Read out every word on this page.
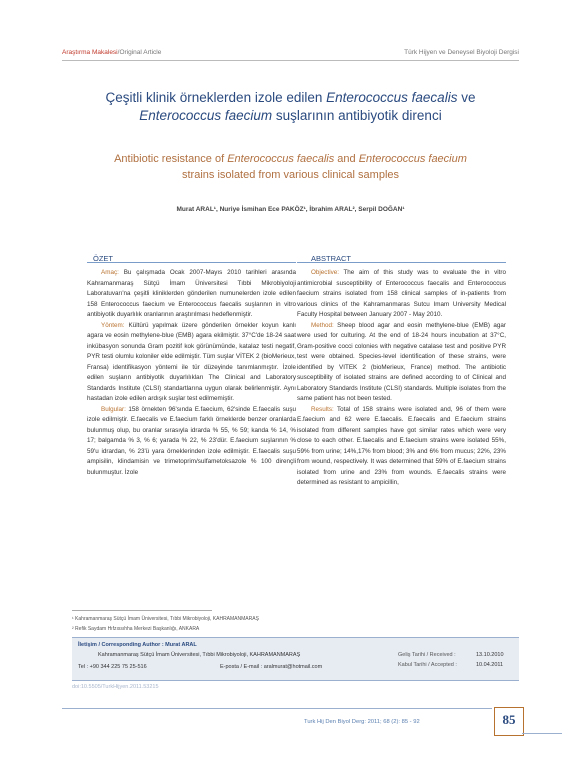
Araştırma Makalesi/Original Article	Türk Hijyen ve Deneysel Biyoloji Dergisi
Çeşitli klinik örneklerden izole edilen Enterococcus faecalis ve
Enterococcus faecium suşlarının antibiyotik direnci
Antibiotic resistance of Enterococcus faecalis and Enterococcus faecium
strains isolated from various clinical samples
Murat ARAL¹, Nuriye İsmihan Ece PAKÖZ¹, İbrahim ARAL², Serpil DOĞAN¹
ÖZET	ABSTRACT

Amaç: Bu çalışmada Ocak 2007-Mayıs 2010 tarihleri arasında Kahramanmaraş Sütçü İmam Üniversitesi Tıbbi Mikrobiyoloji Laboratuvarı'na çeşitli kliniklerden gönderilen numunelerden izole edilen 158 Enterococcus faecium ve Enterococcus faecalis suşlarının in vitro antibiyotik duyarlılık oranlarının araştırılması hedeflenmiştir.

Yöntem: Kültürü yapılmak üzere gönderilen örnekler koyun kanlı agara ve eosin methylene-blue (EMB) agara ekilmiştir. 37°C'de 18-24 saat inkübasyon sonunda Gram pozitif kok görünümünde, katalaz testi negatif, PYR testi olumlu koloniler elde edilmiştir. Tüm suşlar VİTEK 2 (bioMerieux, Fransa) identifikasyon yöntemi ile tür düzeyinde tanımlanmıştır. İzole edilen suşların antibiyotik duyarlılıkları The Clinical and Laboratory Standards Institute (CLSI) standartlarına uygun olarak belirlenmiştir. Aynı hastadan izole edilen ardışık suşlar test edilmemiştir.

Bulgular: 158 örnekten 96'sında E.faecium, 62'sinde E.faecalis suşu izole edilmiştir. E.faecalis ve E.faecium farklı örneklerde benzer oranlarda bulunmuş olup, bu oranlar sırasıyla idrarda % 55, % 59; kanda % 14, % 17; balgamda % 3, % 6; yarada % 22, % 23'dür. E.faecium suşlarının % 59'u idrardan, % 23'ü yara örneklerinden izole edilmiştir. E.faecalis suşu ampisilin, klindamisin ve trimetoprim/sulfametoksazole % 100 dirençli bulunmuştur. İzole

Objective: The aim of this study was to evaluate the in vitro antimicrobial susceptibility of Enterococcus faecalis and Enterococcus faecium strains isolated from 158 clinical samples of in-patients from various clinics of the Kahramanmaras Sutcu Imam University Medical Faculty Hospital between January 2007 - May 2010.

Method: Sheep blood agar and eosin methylene-blue (EMB) agar were used for culturing. At the end of 18-24 hours incubation at 37°C, Gram-positive cocci colonies with negative catalase test and positive PYR test were obtained. Species-level identification of these strains, were identified by VITEK 2 (bioMerieux, France) method. The antibiotic susceptibility of isolated strains are defined according to of Clinical and Laboratory Standards Institute (CLSI) standards. Multiple isolates from the same patient has not been tested.

Results: Total of 158 strains were isolated and, 96 of them were E.faecium and 62 were E.faecalis. E.faecalis and E.faecium strains isolated from different samples have got similar rates which were very close to each other. E.faecalis and E.faecium strains were isolated 55%, 59% from urine; 14%,17% from blood; 3% and 6% from mucus; 22%, 23% from wound, respectively. It was determined that 59% of E.faecium strains isolated from urine and 23% from wounds. E.faecalis strains were determined as resistant to ampicillin,

¹ Kahramanmaraş Sütçü İmam Üniversitesi, Tıbbi Mikrobiyoloji, KAHRAMANMARAŞ
² Refik Saydam Hıfzıssıhha Merkezi Başkanlığı, ANKARA
İletişim / Corresponding Author : Murat ARAL
Kahramanmaraş Sütçü İmam Üniversitesi, Tıbbi Mikrobiyoloji, KAHRAMANMARAŞ
Tel : +90 344 225 75 25-516	E-posta / E-mail : aralmurat@hotmail.com
Geliş Tarihi / Received :	13.10.2010
Kabul Tarihi / Accepted :	10.04.2011
doi:10.5505/TurkHijyen.2011.53215
Turk Hij Den Biyol Derg: 2011; 68 (2): 85 - 92	85
